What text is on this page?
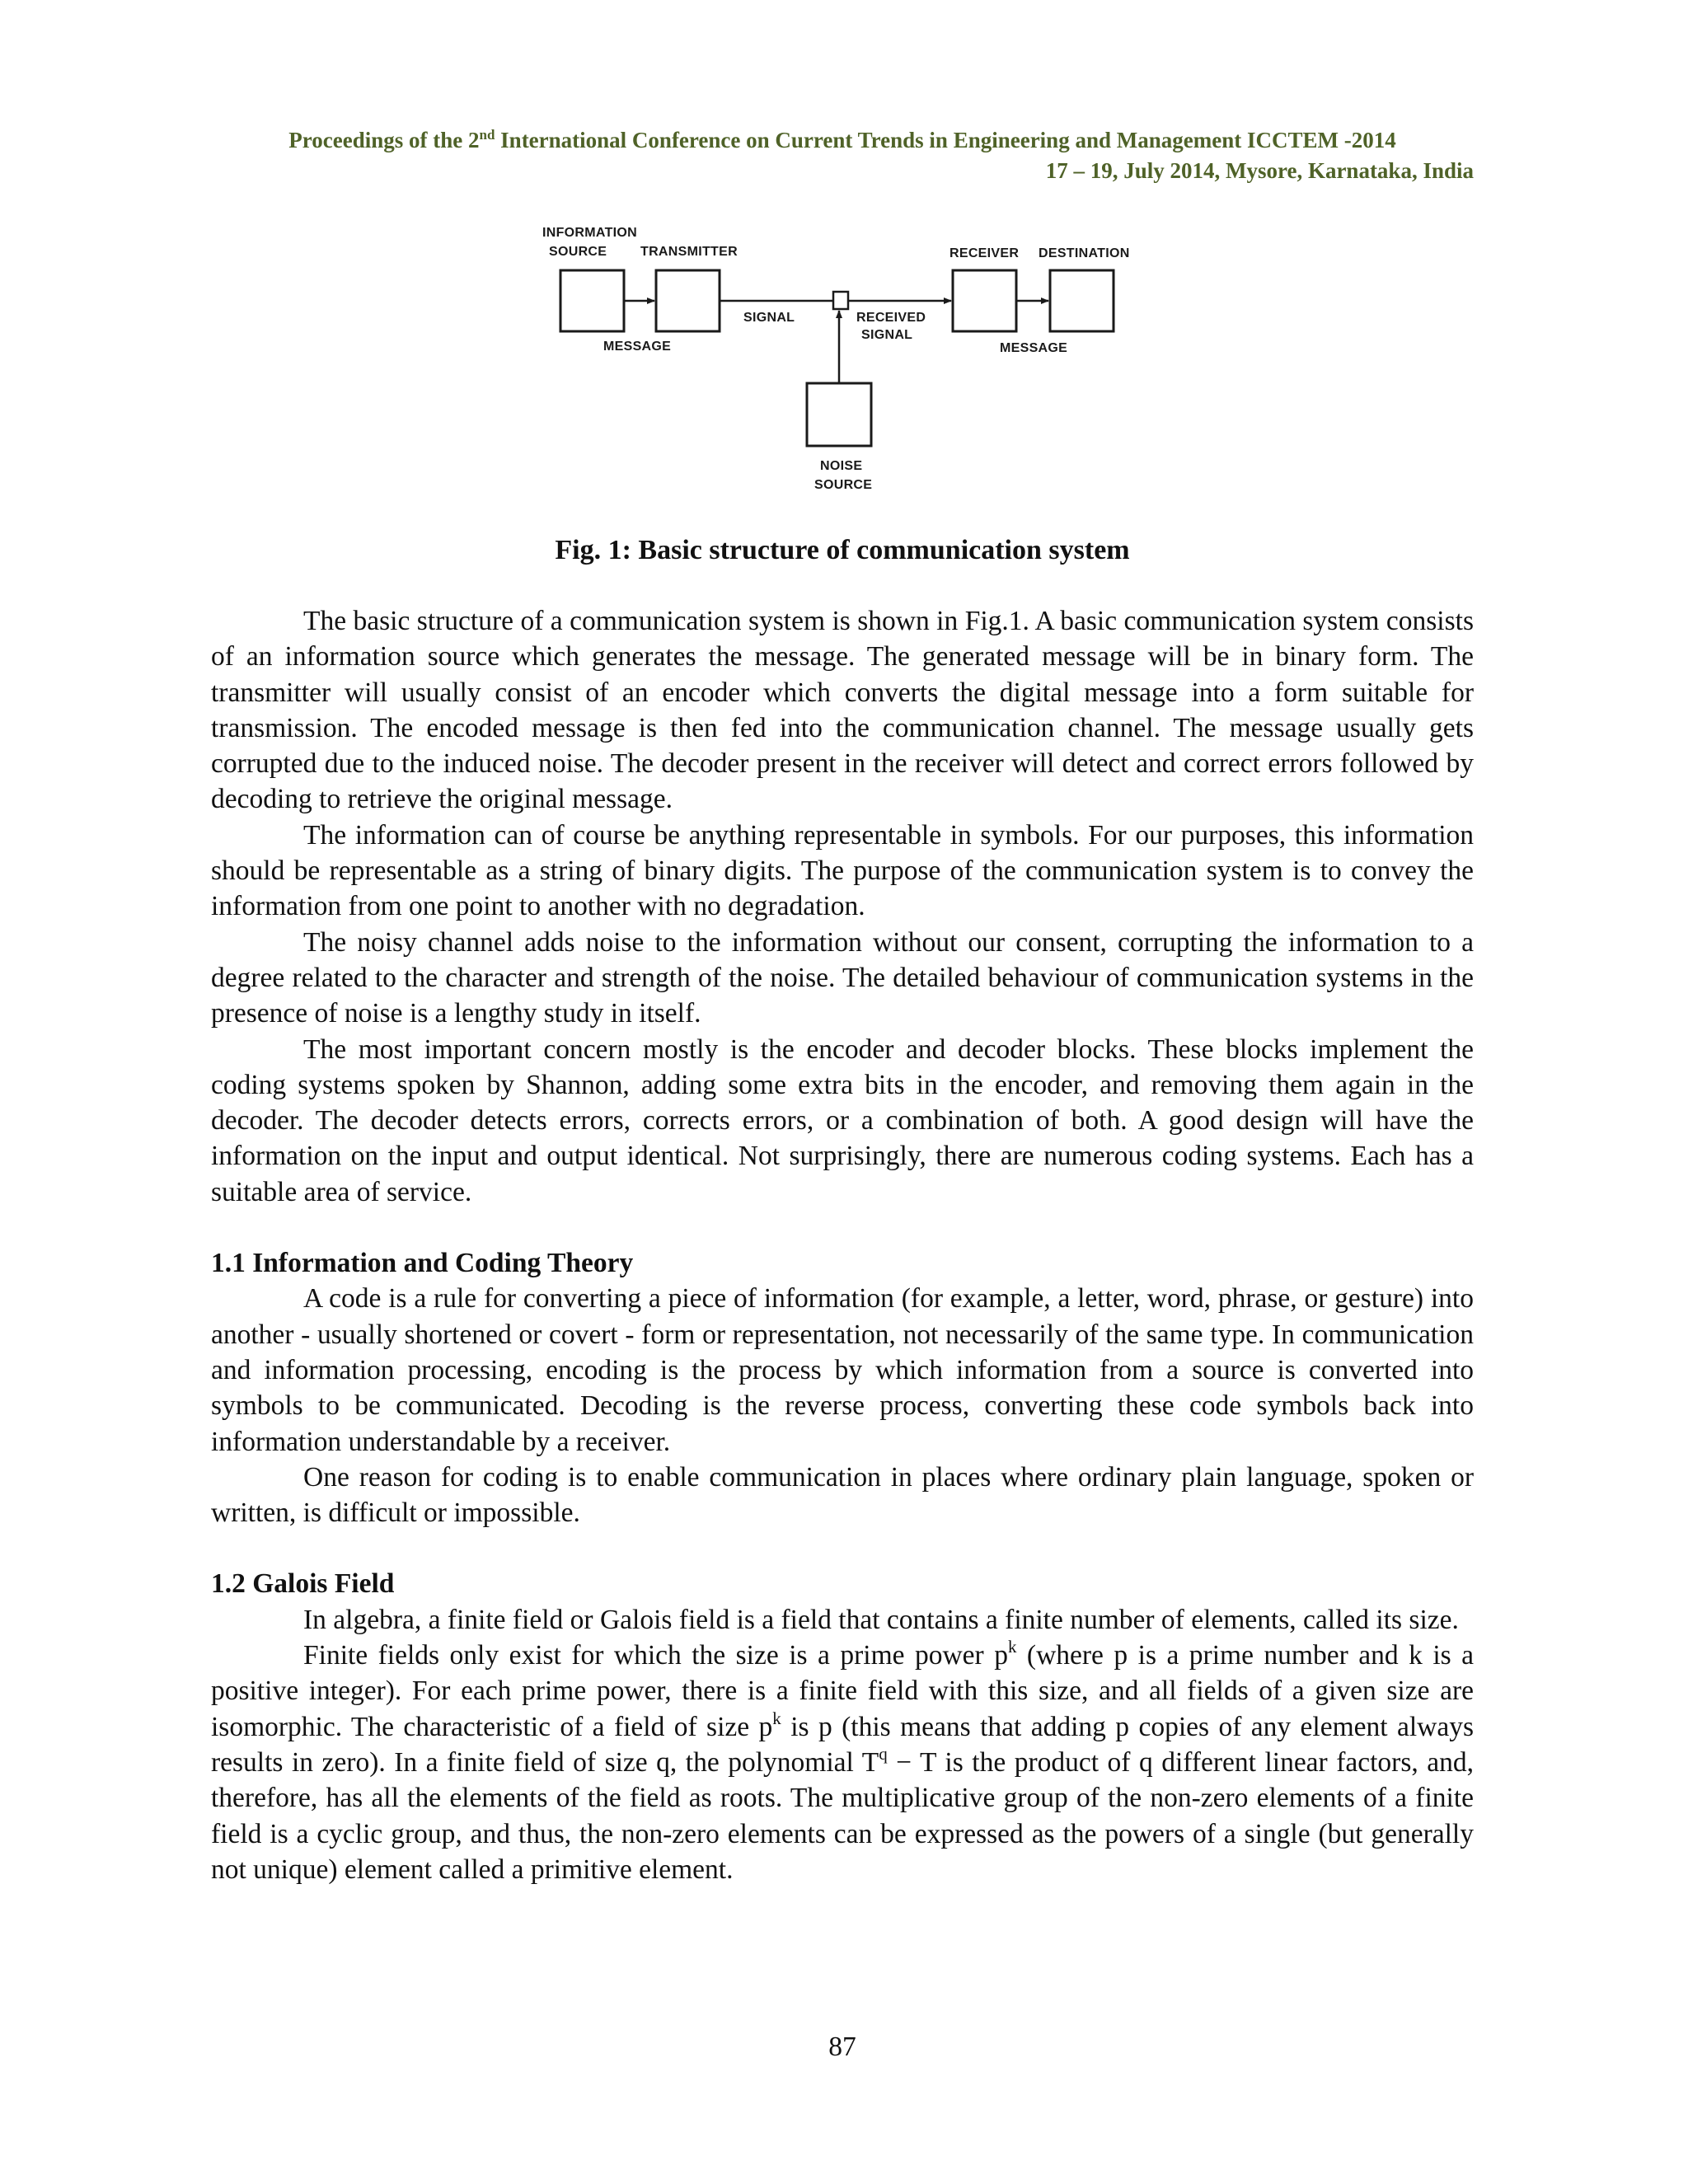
Proceedings of the 2nd International Conference on Current Trends in Engineering and Management ICCTEM -2014
17 – 19, July 2014, Mysore, Karnataka, India
INFORMATION
SOURCE	TRANSMITTER	RECEIVER DESTINATION
SIGNAL	RECEIVED
SIGNAL
MESSAGE	MESSAGE
NOISE
SOURCE
Fig. 1: Basic structure of communication system

The basic structure of a communication system is shown in Fig.1. A basic communication system consists of an information source which generates the message. The generated message will be in binary form. The transmitter will usually consist of an encoder which converts the digital message into a form suitable for transmission. The encoded message is then fed into the communication channel. The message usually gets corrupted due to the induced noise. The decoder present in the receiver will detect and correct errors followed by decoding to retrieve the original message.

The information can of course be anything representable in symbols. For our purposes, this information should be representable as a string of binary digits. The purpose of the communication system is to convey the information from one point to another with no degradation.

The noisy channel adds noise to the information without our consent, corrupting the information to a degree related to the character and strength of the noise. The detailed behaviour of communication systems in the presence of noise is a lengthy study in itself.

The most important concern mostly is the encoder and decoder blocks. These blocks implement the coding systems spoken by Shannon, adding some extra bits in the encoder, and removing them again in the decoder. The decoder detects errors, corrects errors, or a combination of both. A good design will have the information on the input and output identical. Not surprisingly, there are numerous coding systems. Each has a suitable area of service.

1.1 Information and Coding Theory

A code is a rule for converting a piece of information (for example, a letter, word, phrase, or gesture) into another - usually shortened or covert - form or representation, not necessarily of the same type. In communication and information processing, encoding is the process by which information from a source is converted into symbols to be communicated. Decoding is the reverse process, converting these code symbols back into information understandable by a receiver.

One reason for coding is to enable communication in places where ordinary plain language, spoken or written, is difficult or impossible.

1.2 Galois Field

In algebra, a finite field or Galois field is a field that contains a finite number of elements, called its size.

Finite fields only exist for which the size is a prime power $p^k$ (where p is a prime number and k is a positive integer). For each prime power, there is a finite field with this size, and all fields of a given size are isomorphic. The characteristic of a field of size $p^k$ is p (this means that adding p copies of any element always results in zero). In a finite field of size q, the polynomial $T^q - T$ is the product of q different linear factors, and, therefore, has all the elements of the field as roots. The multiplicative group of the non-zero elements of a finite field is a cyclic group, and thus, the non-zero elements can be expressed as the powers of a single (but generally not unique) element called a primitive element.

87
